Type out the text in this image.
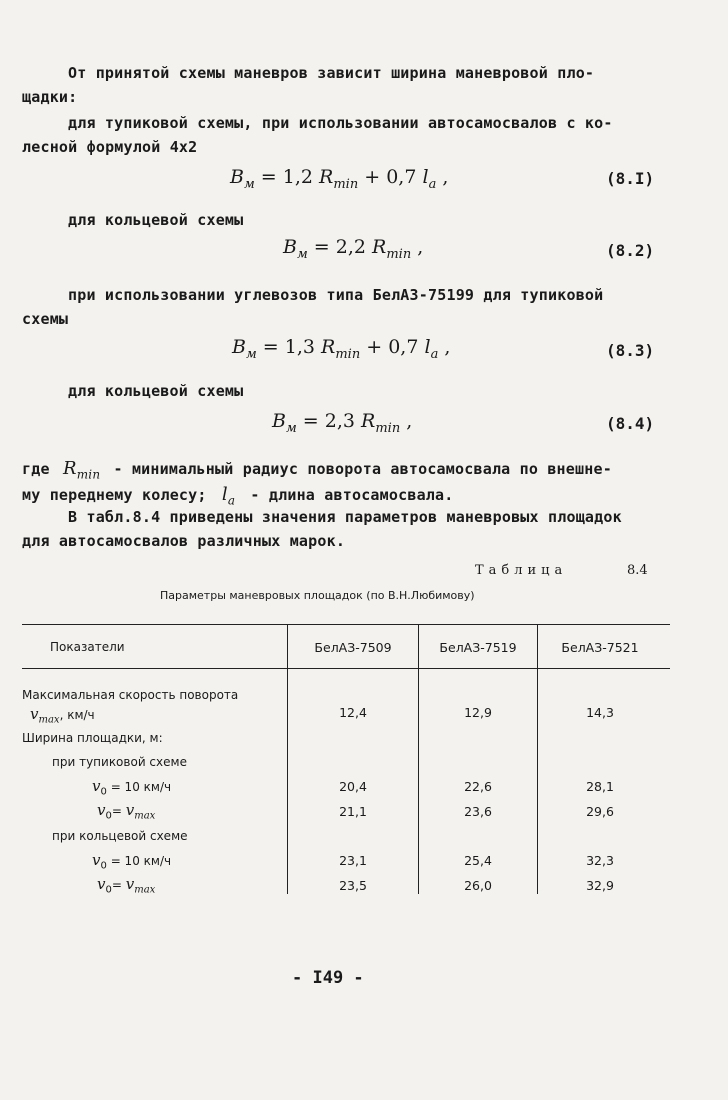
От принятой схемы маневров зависит ширина маневровой пло-
щадки:
для тупиковой схемы, при использовании автосамосвалов с ко-
лесной формулой 4x2
$B_м = 1,2$ $R_{min} + 0,7$ $l_a$ ,	(8.I)
для кольцевой схемы
$B_м = 2,2$ $R_{min}$ ,	(8.2)
при использовании углевозов типа БелАЗ-75199 для тупиковой
схемы
$B_м = 1,3$ $R_{min} + 0,7$ $l_a$ ,	(8.3)
для кольцевой схемы
$B_м = 2,3$ $R_{min}$ ,	(8.4)
где $R_{min}$ - минимальный радиус поворота автосамосвала по внешне-
му переднему колесу; $l_a$ - длина автосамосвала.
В табл.8.4 приведены значения параметров маневровых площадок
для автосамосвалов различных марок.
Таблица	8.4
Параметры маневровых площадок (по В.Н.Любимову)
Показатели	БелАЗ-7509	БелАЗ-7519	БелАЗ-7521
Максимальная скорость поворота
$v_{max}$, км/ч	12,4	12,9	14,3
Ширина площадки, м:
при тупиковой схеме
$v_0 = 10$ км/ч	20,4	22,6	28,1
$v_0= v_{max}$	21,1	23,6	29,6
при кольцевой схеме
$v_0 = 10$ км/ч	23,1	25,4	32,3
$v_0= v_{max}$	23,5	26,0	32,9
- I49 -
